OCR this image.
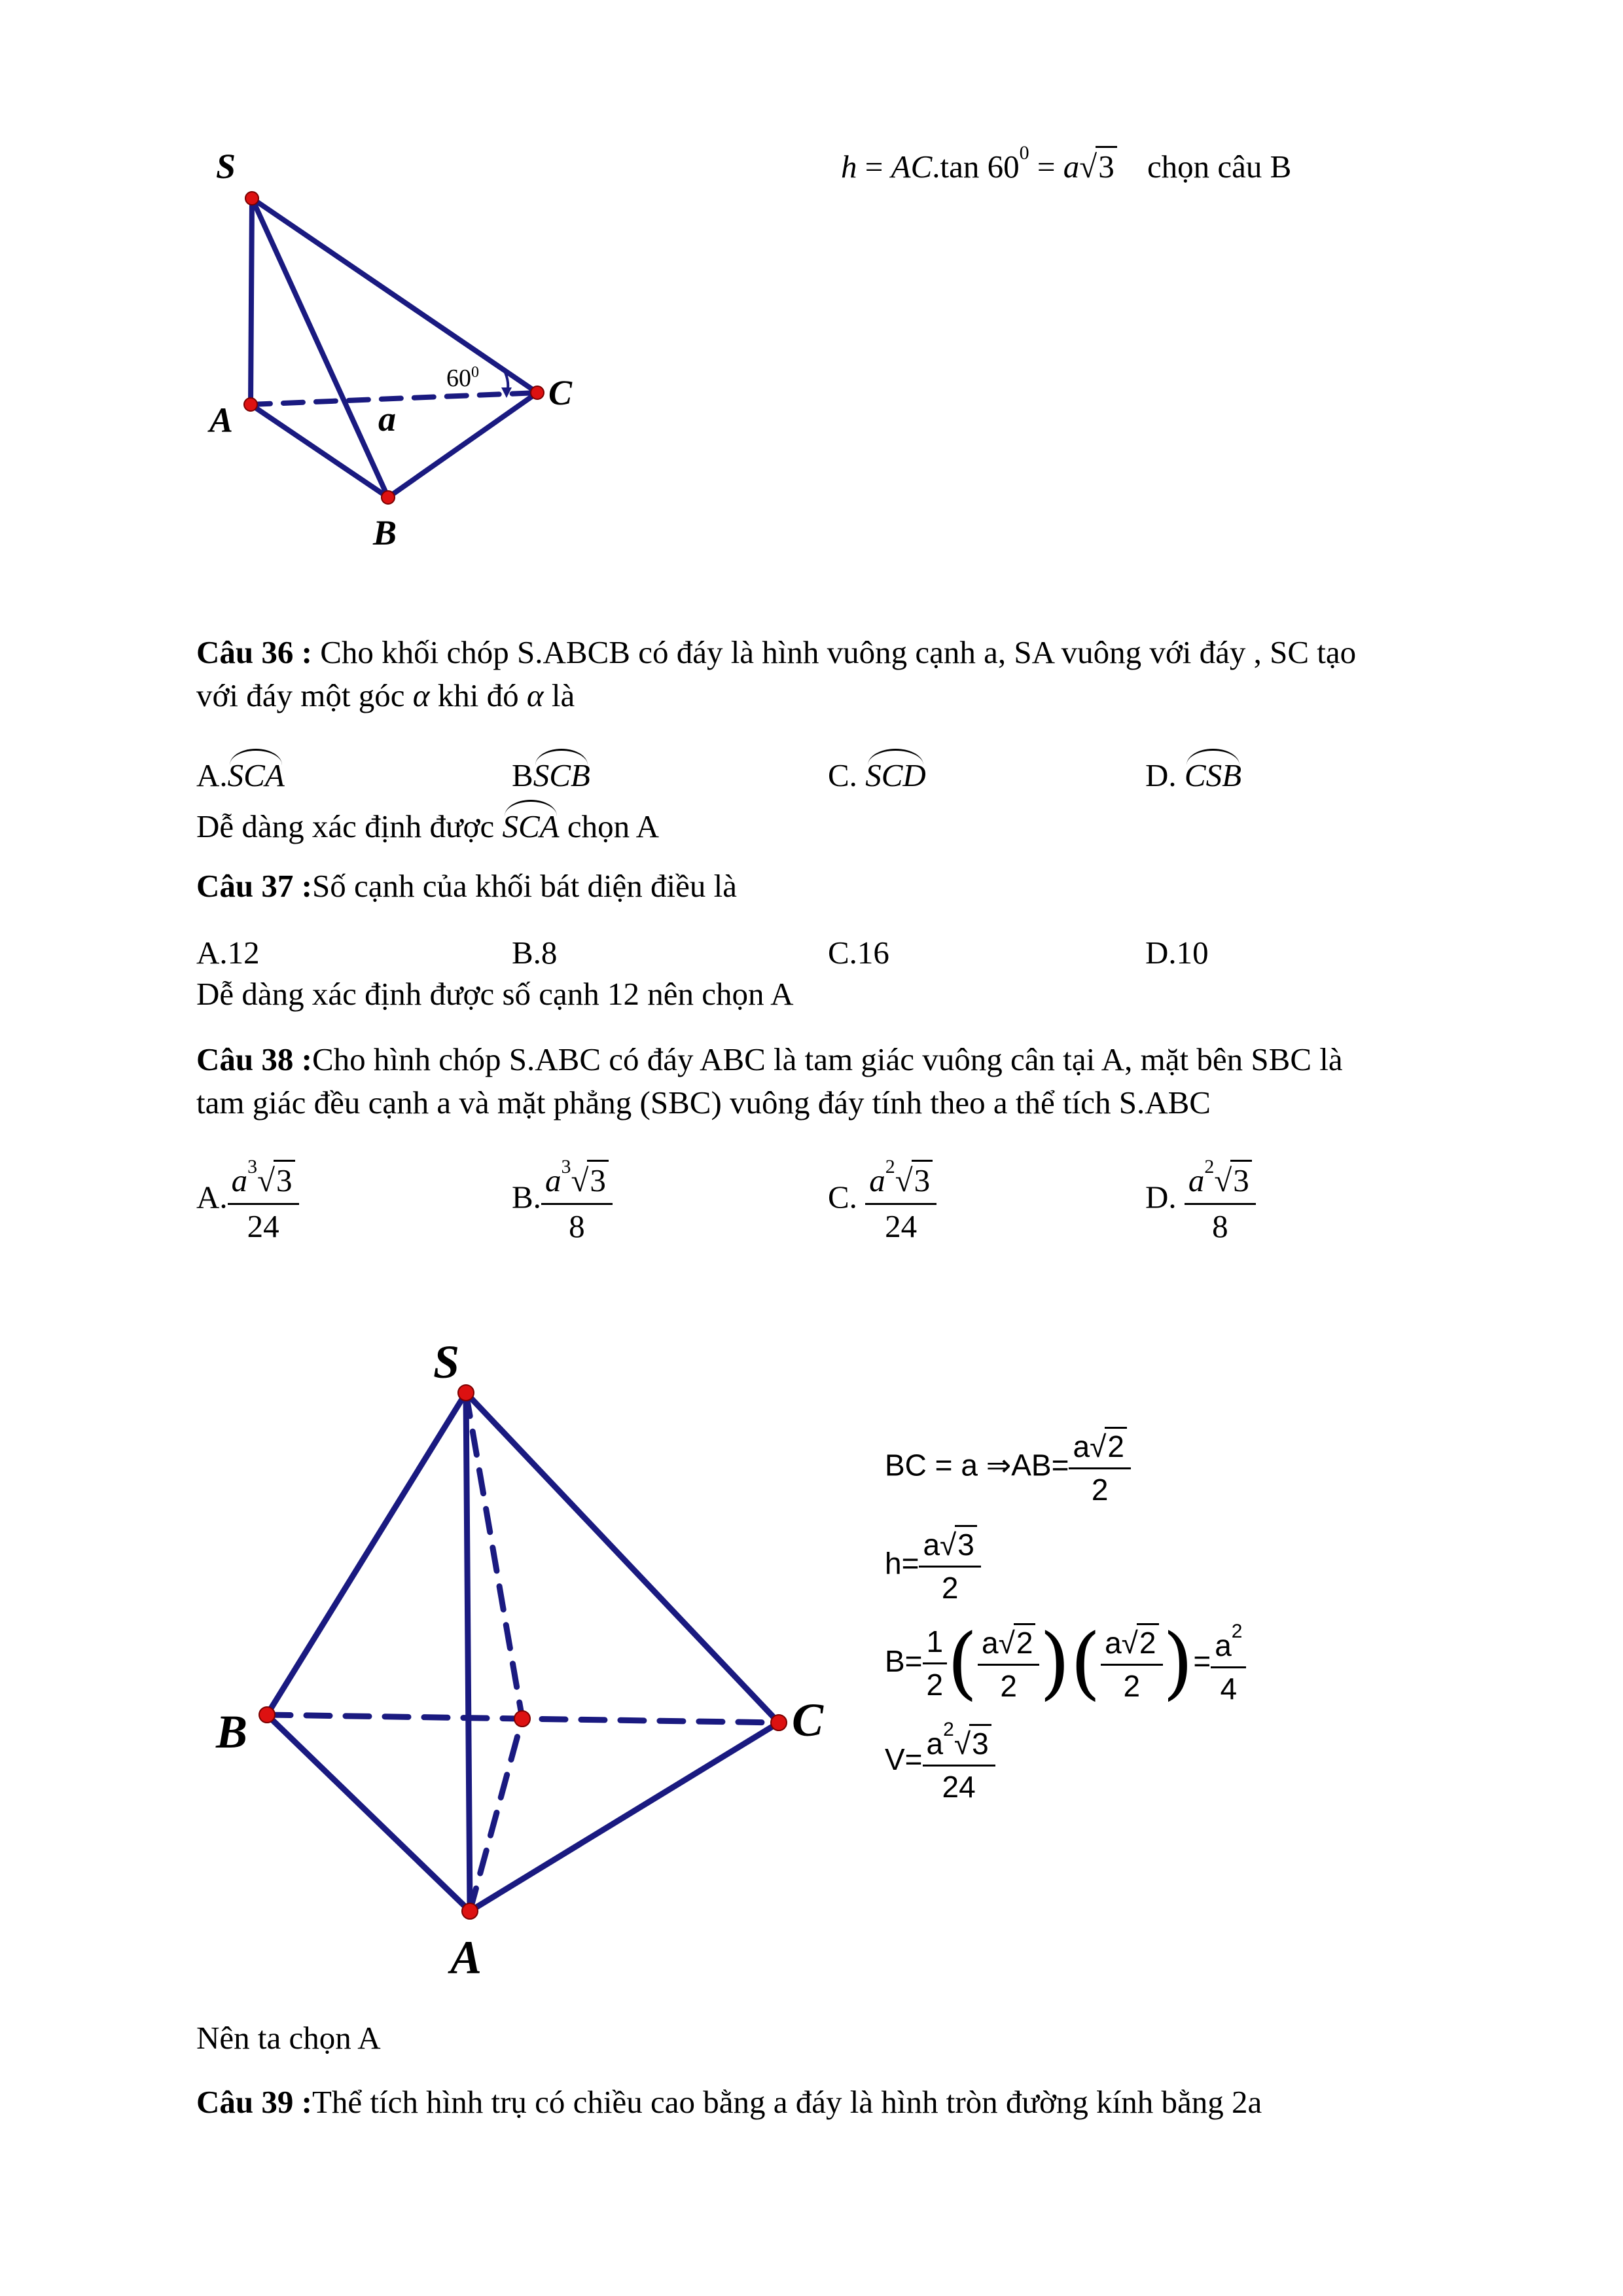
S
A
B
C
a
$60^0$
h = AC.tan $60^0 = a√3$ chọn câu B
Câu 36 : Cho khối chóp S.ABCB có đáy là hình vuông cạnh a, SA vuông với đáy , SC tạo
với đáy một góc α khi đó α là
A.SCA	BSCB	C. SCD	D. CSB
Dễ dàng xác định được SCA chọn A
Câu 37 :Số cạnh của khối bát diện điều là
A.12	B.8	C.16	D.10
Dễ dàng xác định được số cạnh 12 nên chọn A
Câu 38 :Cho hình chóp S.ABC có đáy ABC là tam giác vuông cân tại A, mặt bên SBC là
tam giác đều cạnh a và mặt phẳng (SBC) vuông đáy tính theo a thể tích S.ABC
A. $\frac{a^3√3}{24}$	B. $\frac{a^3√3}{8}$	C. $\frac{a^2√3}{24}$	D. $\frac{a^2√3}{8}$
S
B	C
A
BC = a ⇒AB= $\frac{a√2}{2}$
$h= \frac{a√3}{2}$
$B= \frac{1}{2}$ ( $\frac{a√2}{2}$ )( $\frac{a√2}{2}$ )= $\frac{a^2}{4}$
$V= \frac{a^2√3}{24}$
Nên ta chọn A
Câu 39 :Thể tích hình trụ có chiều cao bằng a đáy là hình tròn đường kính bằng 2a
